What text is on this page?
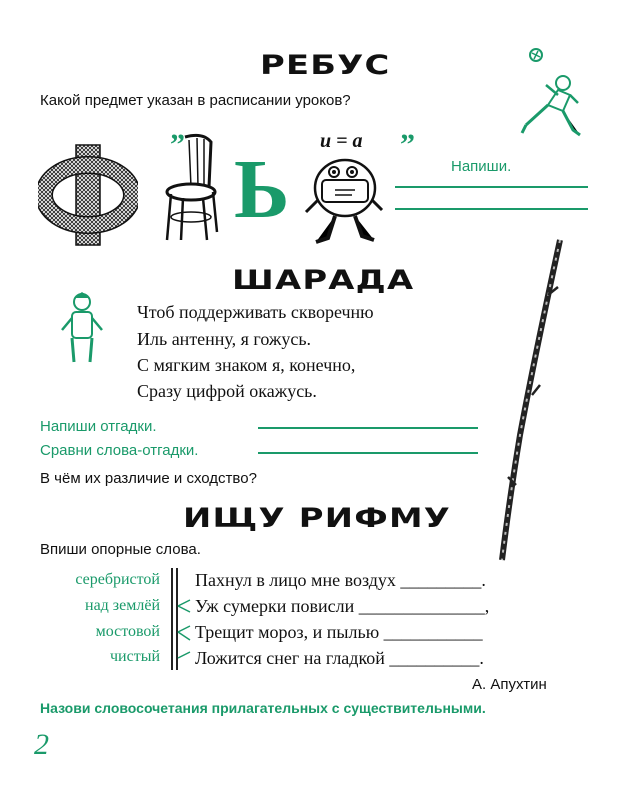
РЕБУС
Какой предмет указан в расписании уроков?
” Ь
и = а ”
Напиши.
ШАРАДА
Чтоб поддерживать скворечню
Иль антенну, я гожусь.
С мягким знаком я, конечно,
Сразу цифрой окажусь.
Напиши отгадки.
Сравни слова-отгадки.
В чём их различие и сходство?
ИЩУ РИФМУ
Впиши опорные слова.
серебристой
над землёй
мостовой
чистый
Пахнул в лицо мне воздух _________.
Уж сумерки повисли ______________,
Трещит мороз, и пылью ___________
Ложится снег на гладкой __________.
А. Апухтин
Назови словосочетания прилагательных с существительными.
2
